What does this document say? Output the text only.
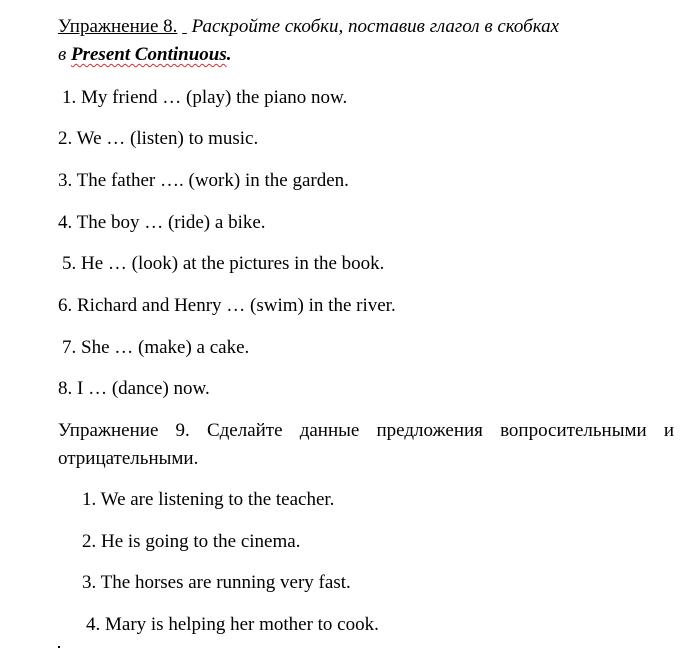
Упражнение 8. Раскройте скобки, поставив глагол в скобках
в Present Continuous.
1. My friend … (play) the piano now.
2. We … (listen) to music.
3. The father …. (work) in the garden.
4. The boy … (ride) a bike.
5. He … (look) at the pictures in the book.
6. Richard and Henry … (swim) in the river.
7. She … (make) a cake.
8. I … (dance) now.
Упражнение 9. Сделайте данные предложения вопросительными и
отрицательными.
1. We are listening to the teacher.
2. He is going to the cinema.
3. The horses are running very fast.
4. Mary is helping her mother to cook.
